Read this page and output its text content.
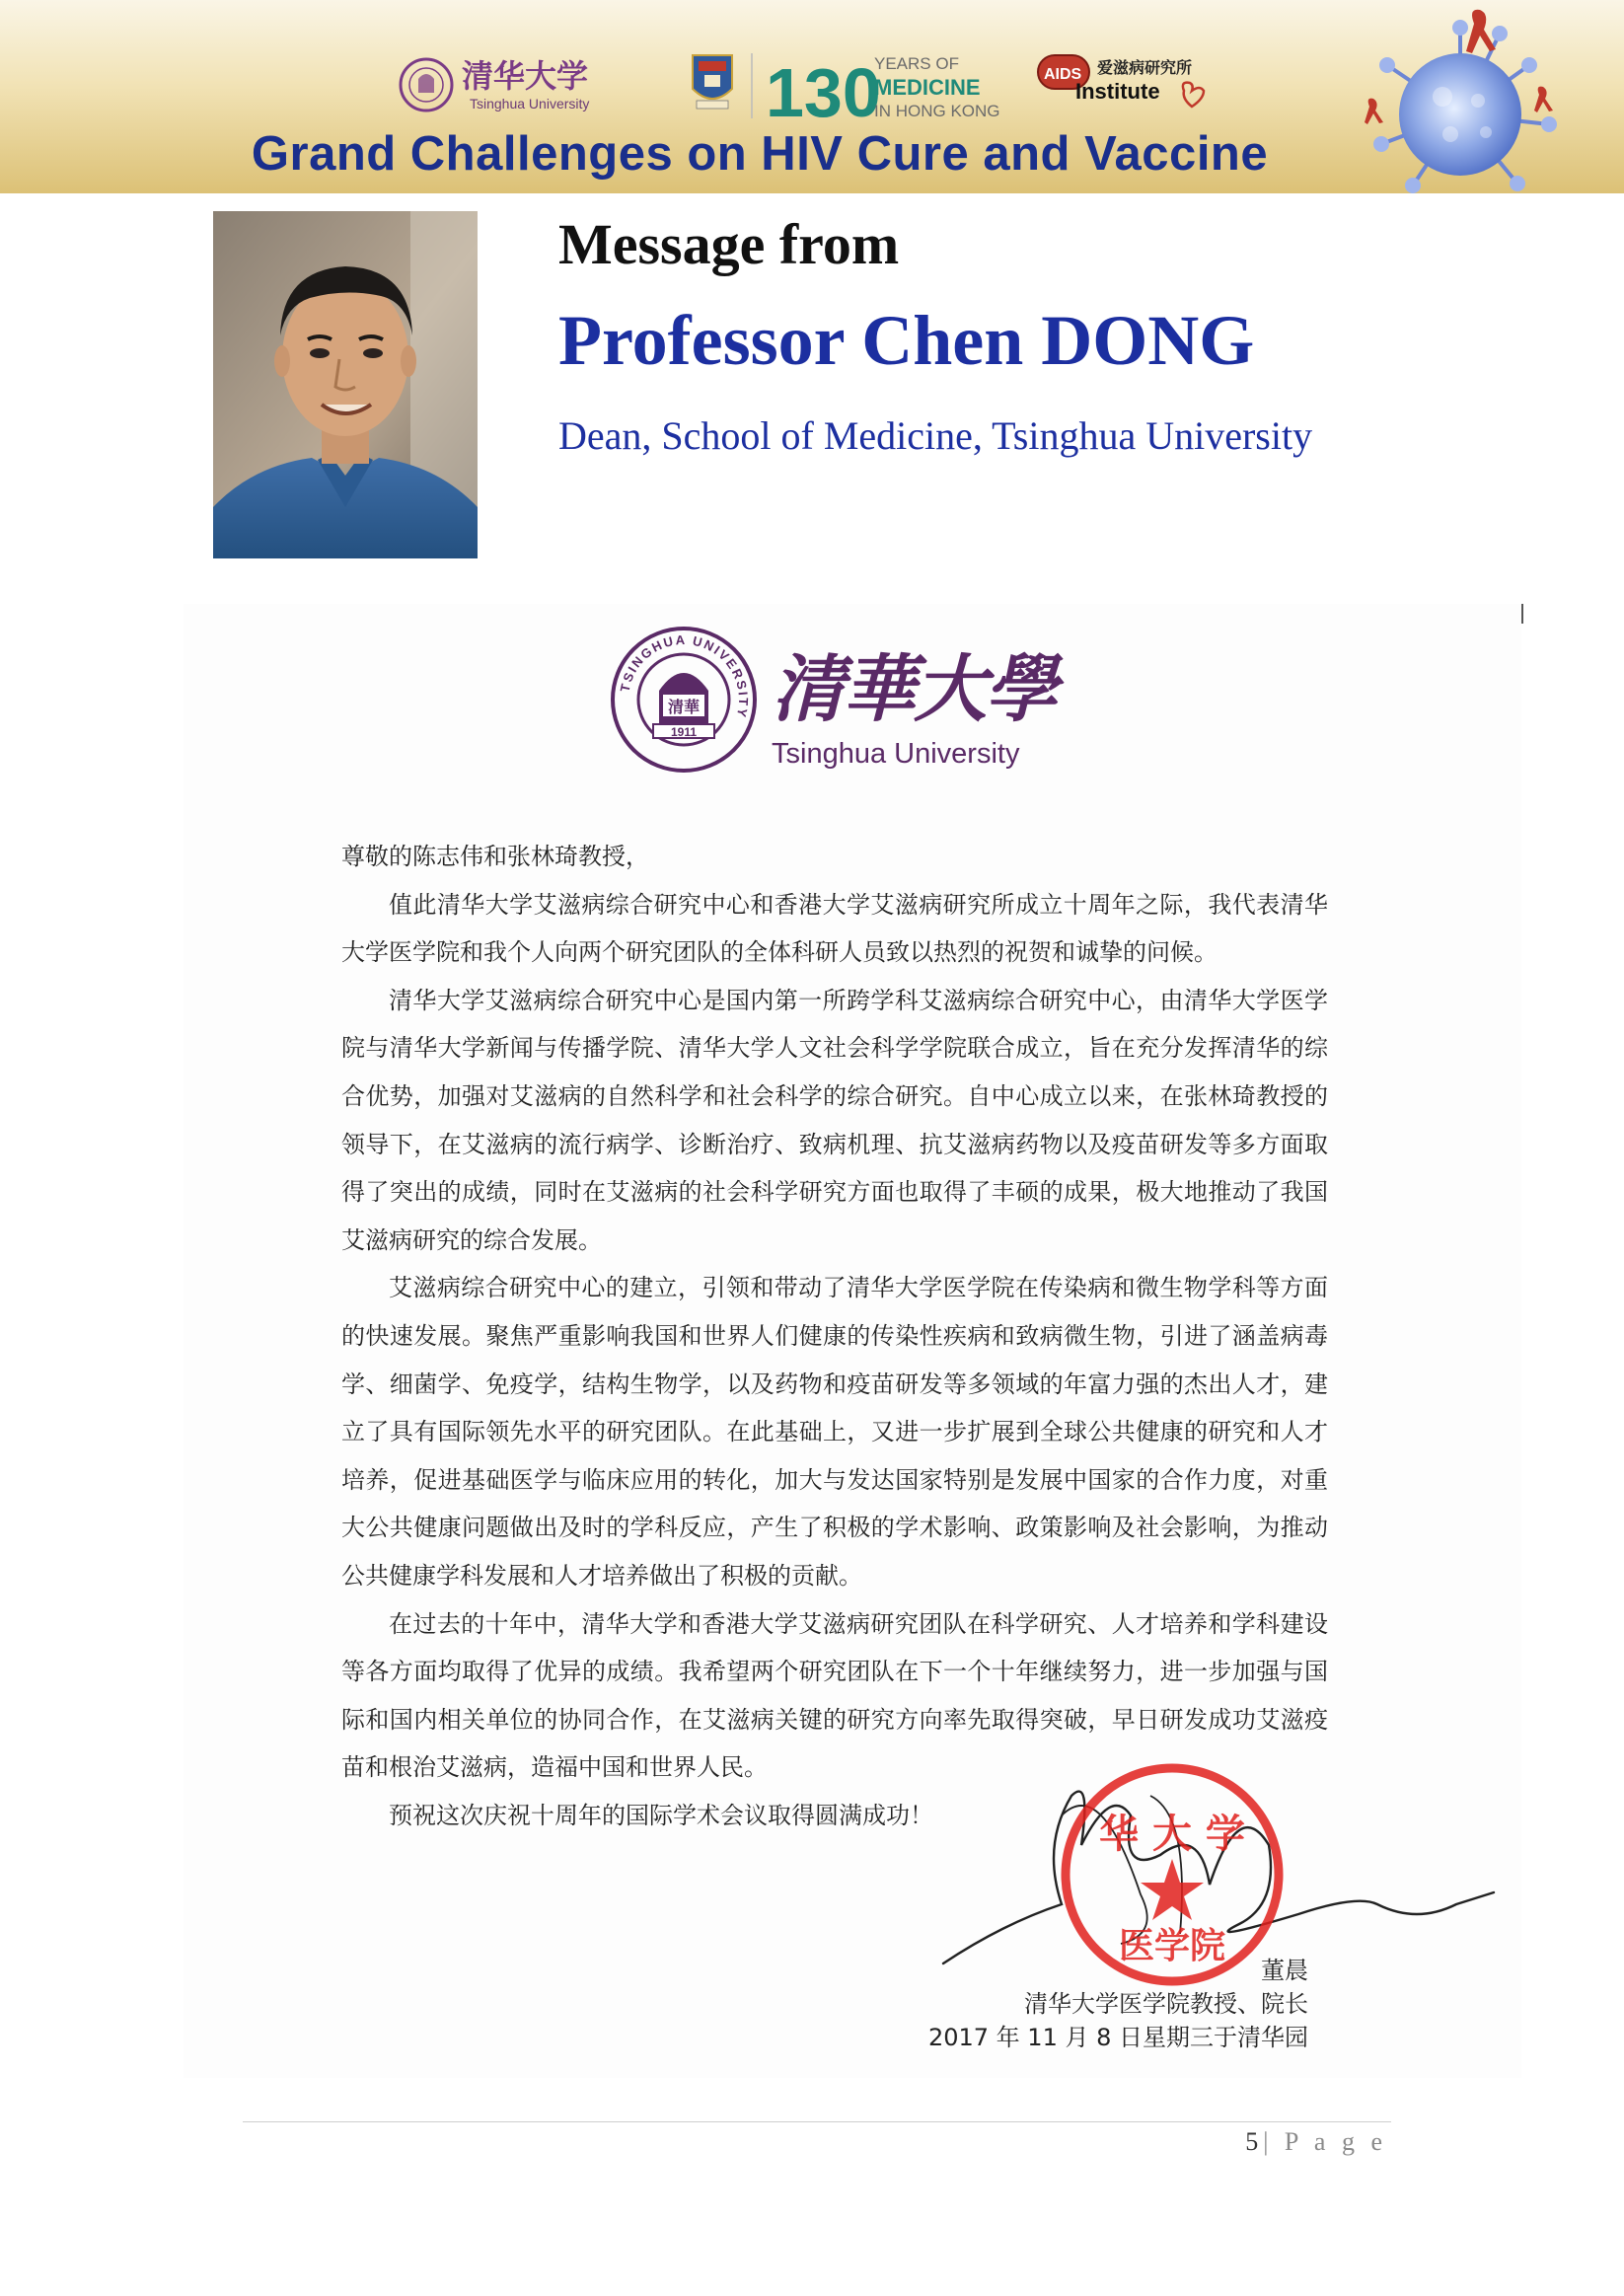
清华大学
Tsinghua University	130
YEARS OF
MEDICINE
IN HONG KONG
AIDS 爱滋病研究所
Institute
Grand Challenges on HIV Cure and Vaccine
Message from
Professor Chen DONG
Dean, School of Medicine, Tsinghua University
TSINGHUA UNIVERSITY
清華
1911 清華大學
Tsinghua University

尊敬的陈志伟和张林琦教授，

值此清华大学艾滋病综合研究中心和香港大学艾滋病研究所成立十周年之际，我代表清华大学医学院和我个人向两个研究团队的全体科研人员致以热烈的祝贺和诚挚的问候。

清华大学艾滋病综合研究中心是国内第一所跨学科艾滋病综合研究中心，由清华大学医学院与清华大学新闻与传播学院、清华大学人文社会科学学院联合成立，旨在充分发挥清华的综合优势，加强对艾滋病的自然科学和社会科学的综合研究。自中心成立以来，在张林琦教授的领导下，在艾滋病的流行病学、诊断治疗、致病机理、抗艾滋病药物以及疫苗研发等多方面取得了突出的成绩，同时在艾滋病的社会科学研究方面也取得了丰硕的成果，极大地推动了我国艾滋病研究的综合发展。

艾滋病综合研究中心的建立，引领和带动了清华大学医学院在传染病和微生物学科等方面的快速发展。聚焦严重影响我国和世界人们健康的传染性疾病和致病微生物，引进了涵盖病毒学、细菌学、免疫学，结构生物学，以及药物和疫苗研发等多领域的年富力强的杰出人才，建立了具有国际领先水平的研究团队。在此基础上，又进一步扩展到全球公共健康的研究和人才培养，促进基础医学与临床应用的转化，加大与发达国家特别是发展中国家的合作力度，对重大公共健康问题做出及时的学科反应，产生了积极的学术影响、政策影响及社会影响，为推动公共健康学科发展和人才培养做出了积极的贡献。

在过去的十年中，清华大学和香港大学艾滋病研究团队在科学研究、人才培养和学科建设等各方面均取得了优异的成绩。我希望两个研究团队在下一个十年继续努力，进一步加强与国际和国内相关单位的协同合作，在艾滋病关键的研究方向率先取得突破，早日研发成功艾滋疫苗和根治艾滋病，造福中国和世界人民。

预祝这次庆祝十周年的国际学术会议取得圆满成功！	华 大 学
医学院
董晨
清华大学医学院教授、院长
2017 年 11 月 8 日星期三于清华园
5| P a g e
